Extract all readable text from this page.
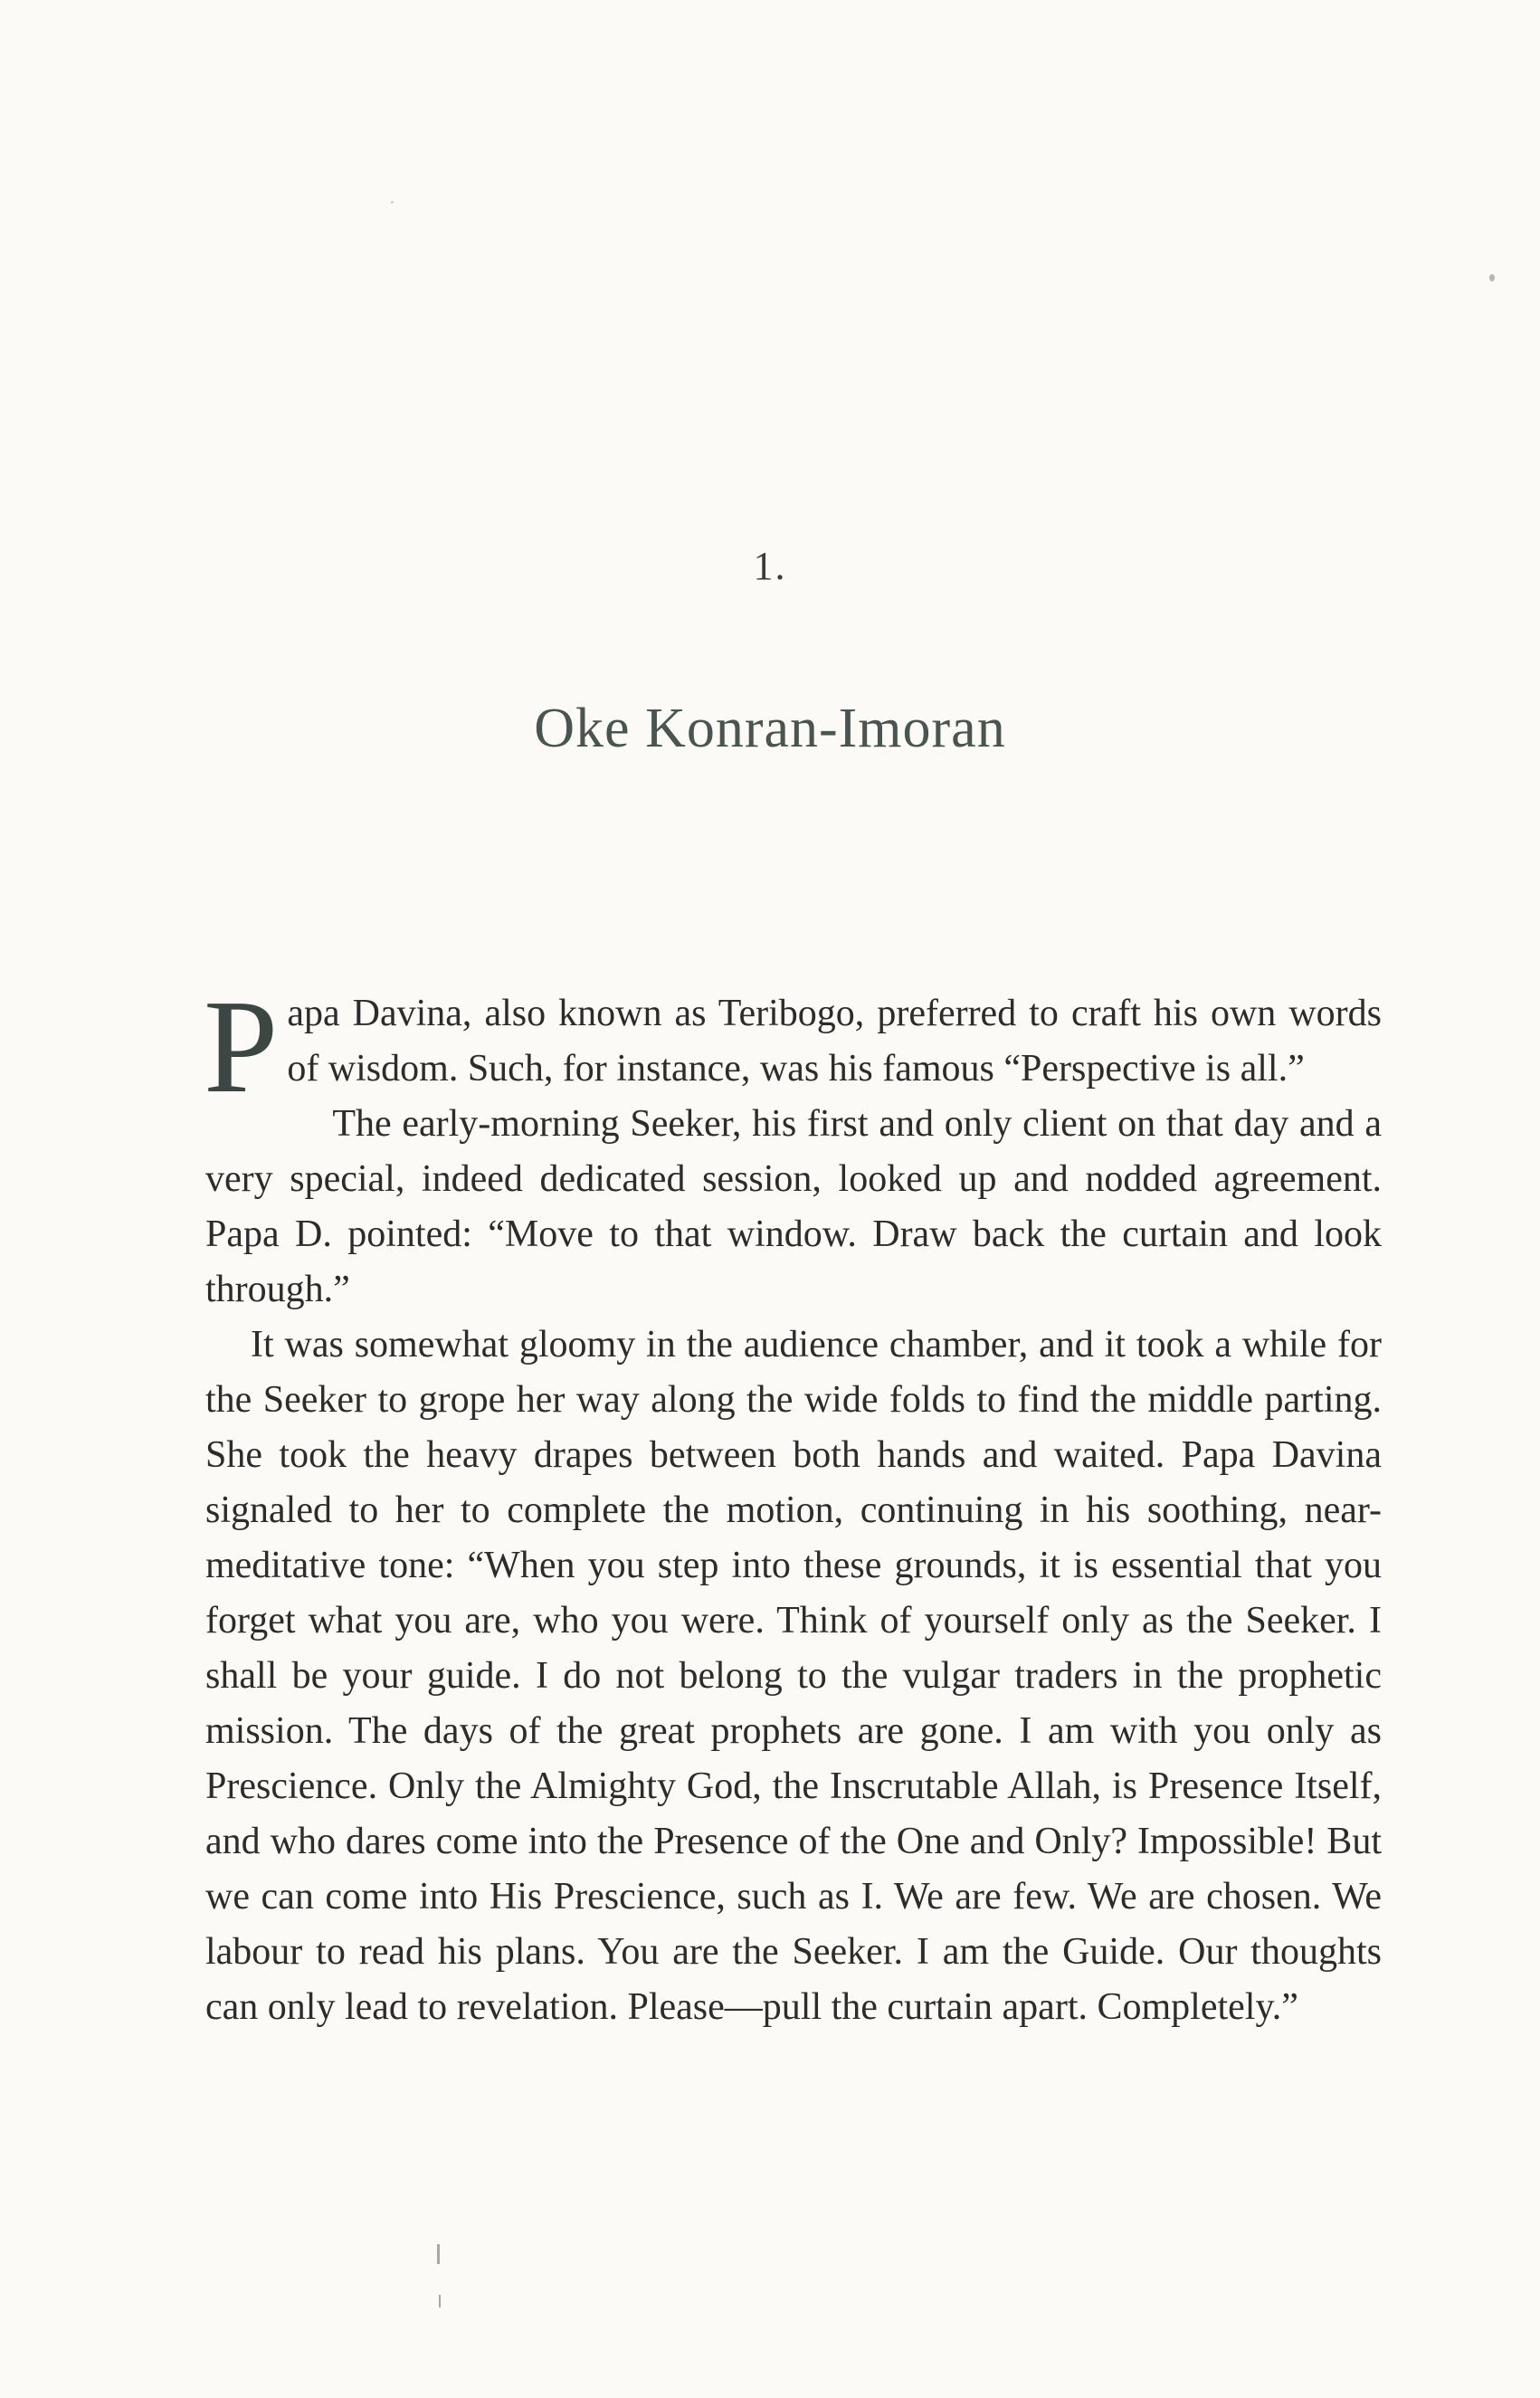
1.
Oke Konran-Imoran

Papa Davina, also known as Teribogo, preferred to craft his own words of wisdom. Such, for instance, was his famous “Perspective is all.”

The early-morning Seeker, his first and only client on that day and a very special, indeed dedicated session, looked up and nodded agreement. Papa D. pointed: “Move to that window. Draw back the curtain and look through.”

It was somewhat gloomy in the audience chamber, and it took a while for the Seeker to grope her way along the wide folds to find the middle parting. She took the heavy drapes between both hands and waited. Papa Davina signaled to her to complete the motion, continuing in his soothing, near-meditative tone: “When you step into these grounds, it is essential that you forget what you are, who you were. Think of yourself only as the Seeker. I shall be your guide. I do not belong to the vulgar traders in the prophetic mission. The days of the great prophets are gone. I am with you only as Prescience. Only the Almighty God, the Inscrutable Allah, is Presence Itself, and who dares come into the Presence of the One and Only? Impossible! But we can come into His Prescience, such as I. We are few. We are chosen. We labour to read his plans. You are the Seeker. I am the Guide. Our thoughts can only lead to revelation. Please—pull the curtain apart. Completely.”
